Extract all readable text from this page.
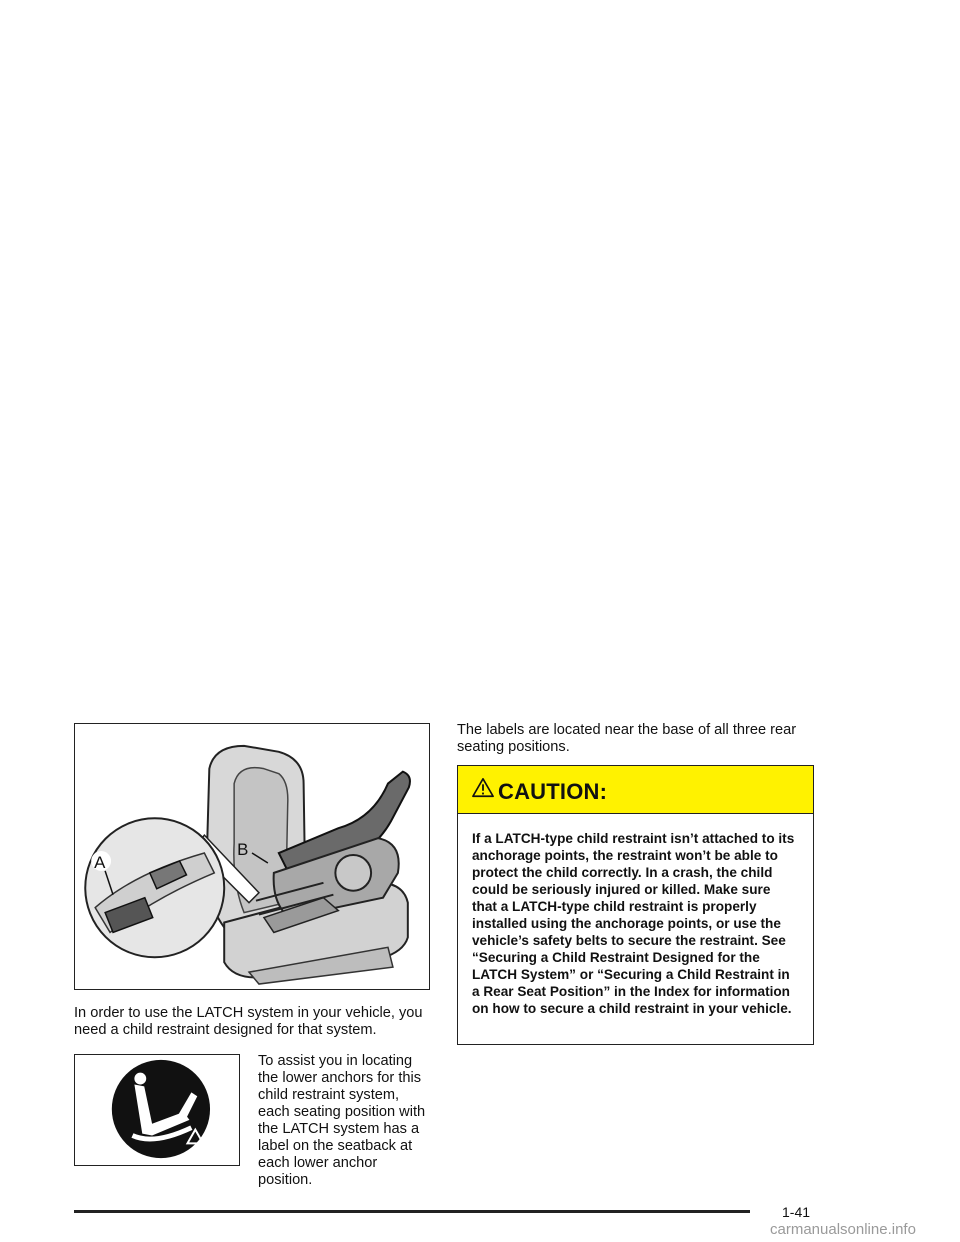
A
B

In order to use the LATCH system in your vehicle, you need a child restraint designed for that system.

To assist you in locating the lower anchors for this child restraint system, each seating position with the LATCH system has a label on the seatback at each lower anchor position.

The labels are located near the base of all three rear seating positions.

CAUTION:
If a LATCH-type child restraint isn’t attached to its anchorage points, the restraint won’t be able to protect the child correctly. In a crash, the child could be seriously injured or killed. Make sure that a LATCH-type child restraint is properly installed using the anchorage points, or use the vehicle’s safety belts to secure the restraint. See “Securing a Child Restraint Designed for the LATCH System” or “Securing a Child Restraint in a Rear Seat Position” in the Index for information on how to secure a child restraint in your vehicle.
1-41
carmanualsonline.info
